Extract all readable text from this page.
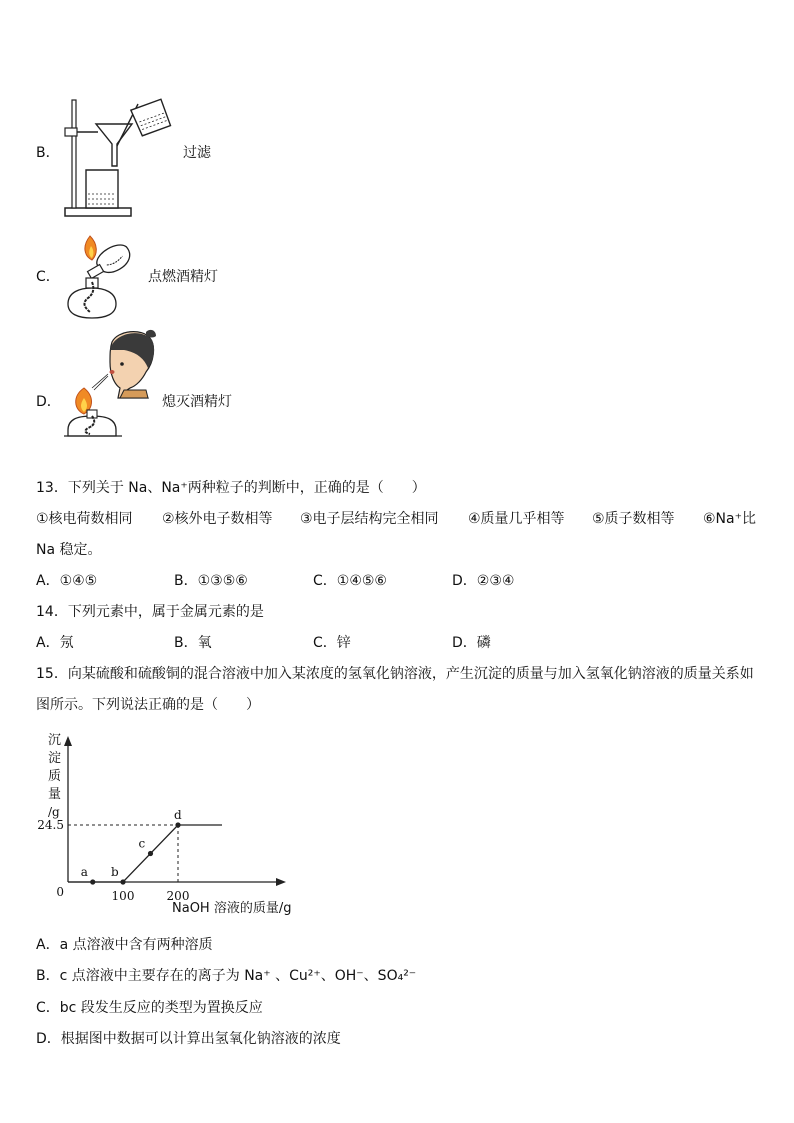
B．	过滤
C．	点燃酒精灯
D．	熄灭酒精灯
13．下列关于 Na、Na⁺两种粒子的判断中，正确的是（　　）
①核电荷数相同 ②核外电子数相等 ③电子层结构完全相同 ④质量几乎相等 ⑤质子数相等 ⑥Na⁺比
Na 稳定。
A．①④⑤	B．①③⑤⑥	C．①④⑤⑥	D．②③④
14．下列元素中，属于金属元素的是
A．氖	B．氧	C．锌	D．磷
15．向某硫酸和硫酸铜的混合溶液中加入某浓度的氢氧化钠溶液，产生沉淀的质量与加入氢氧化钠溶液的质量关系如
图所示。下列说法正确的是（　　）
沉
淀
质
量
/g
0
a b
c
d
100	200
24.5
NaOH 溶液的质量/g
A．a 点溶液中含有两种溶质
B．c 点溶液中主要存在的离子为 Na⁺ 、Cu²⁺、OH⁻、SO₄²⁻
C．bc 段发生反应的类型为置换反应
D．根据图中数据可以计算出氢氧化钠溶液的浓度
